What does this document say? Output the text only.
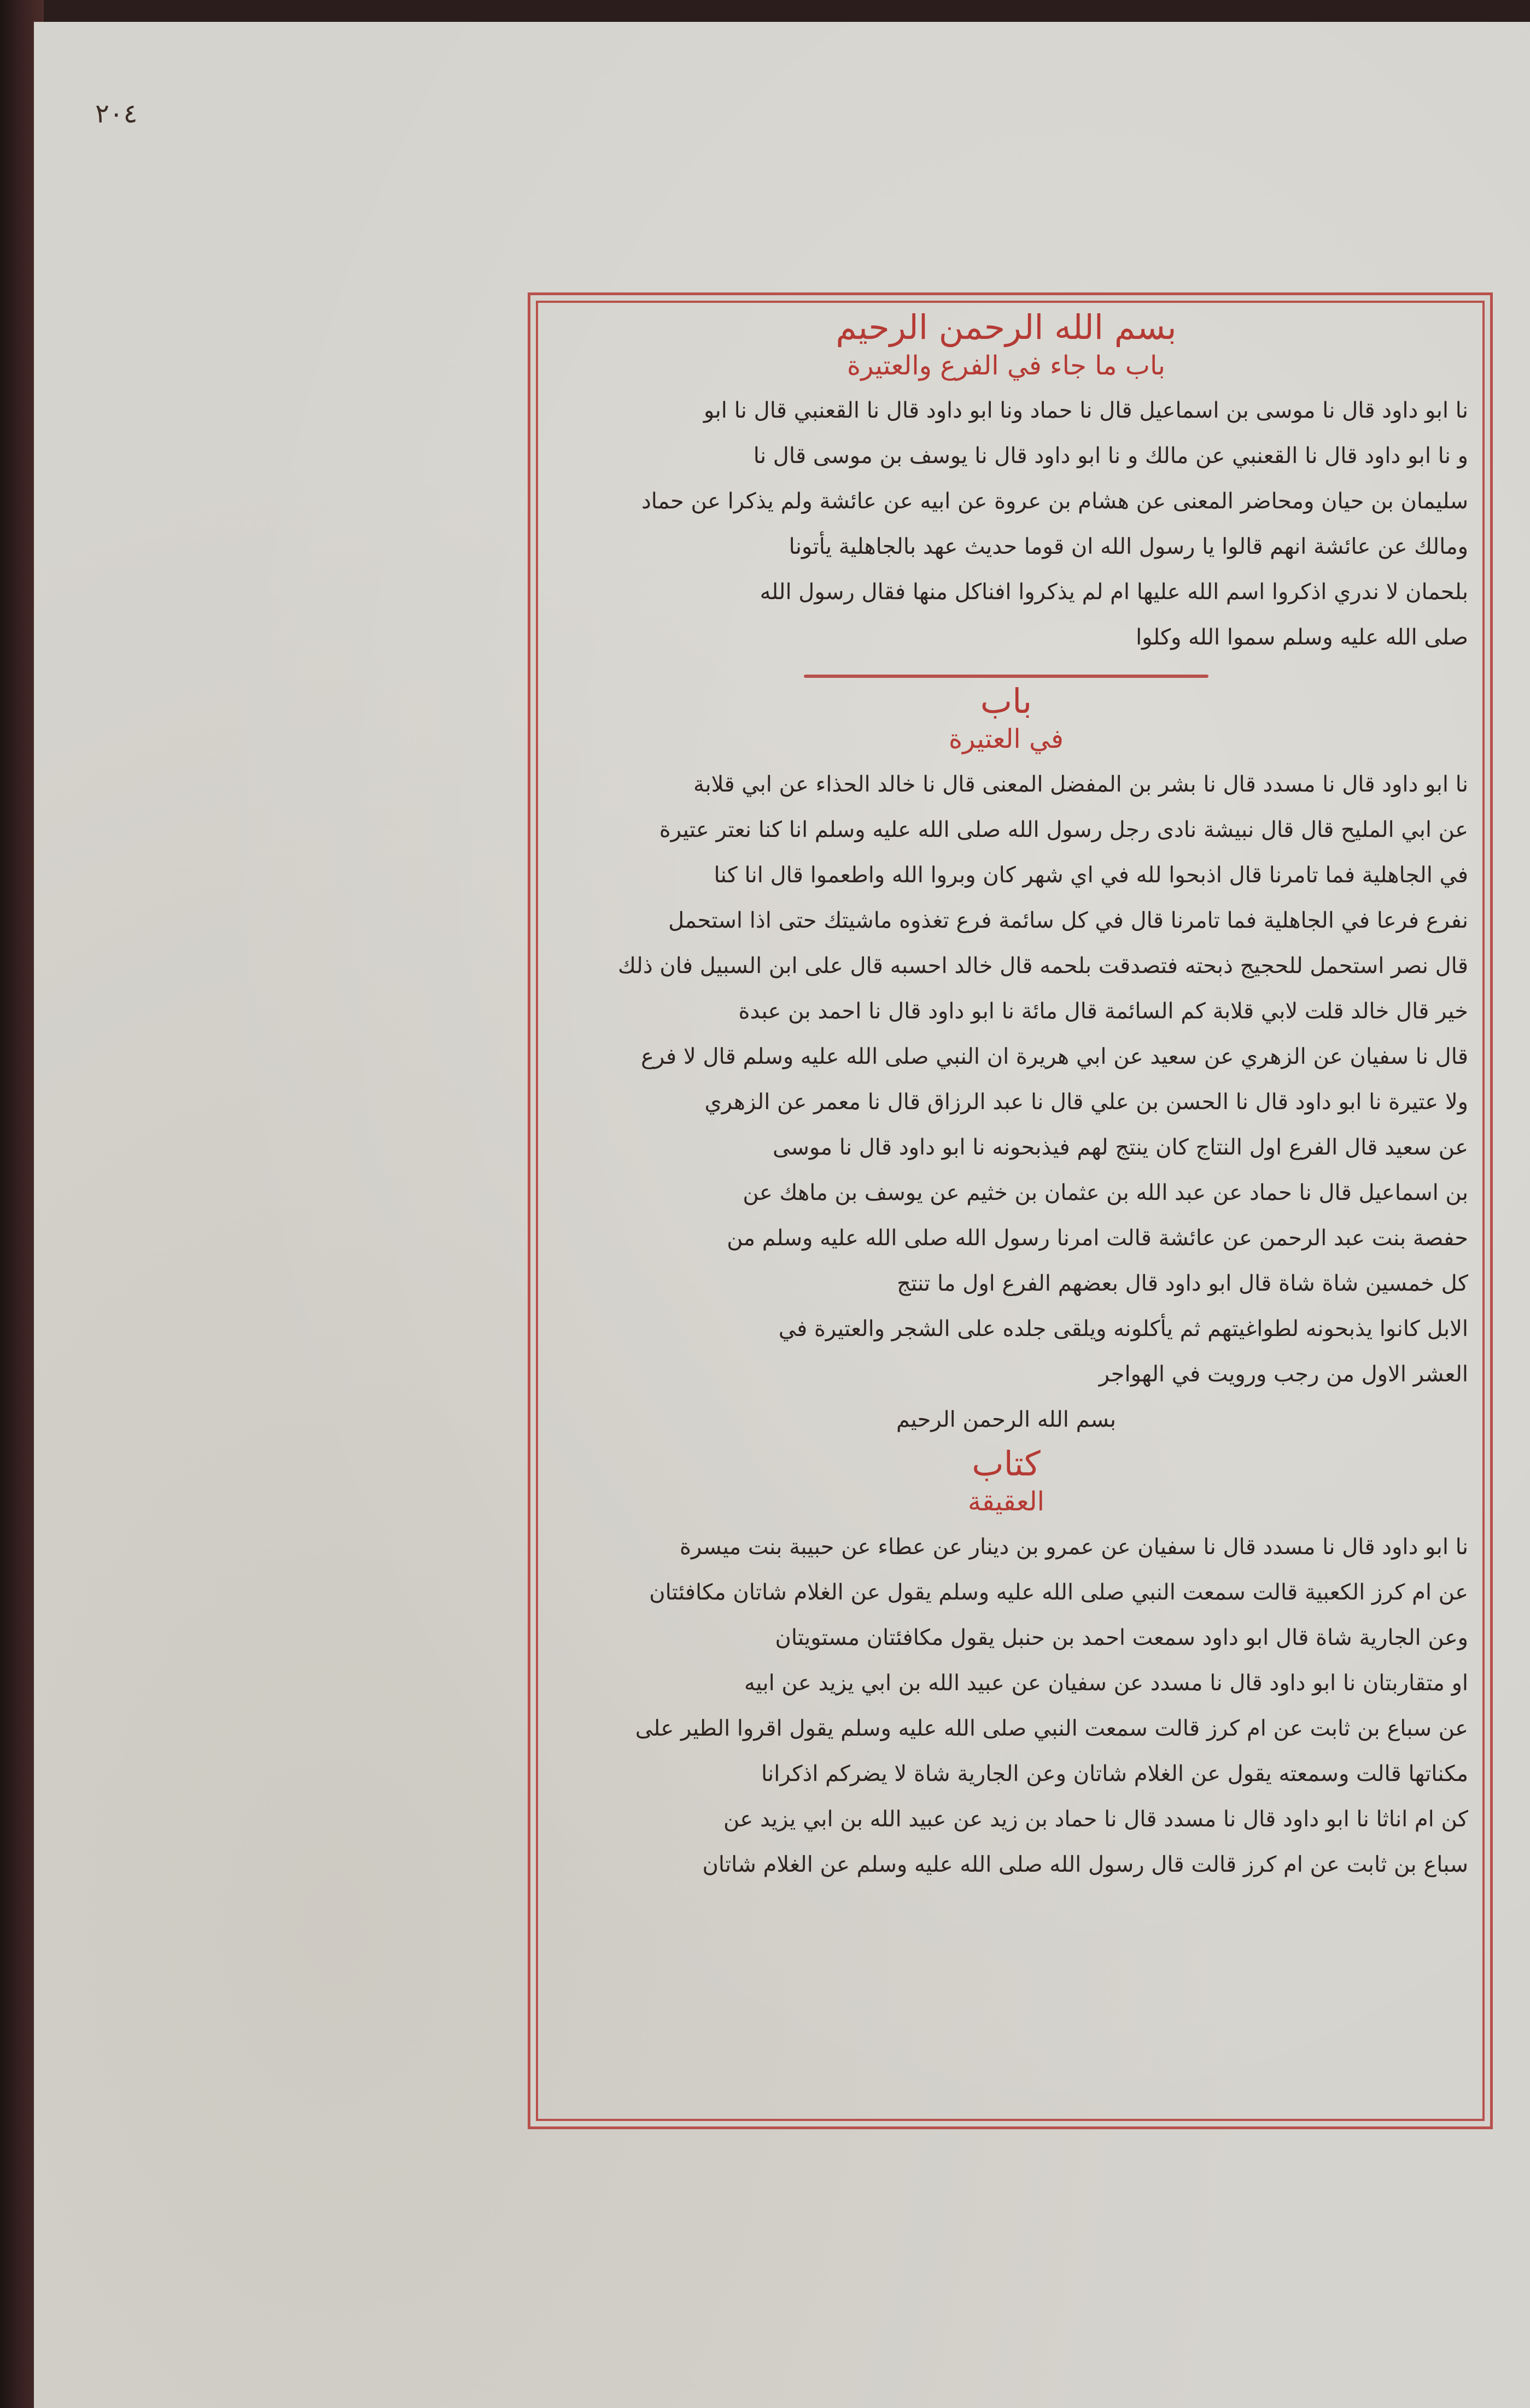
٢٠٤

بسم الله الرحمن الرحيم

باب ما جاء في الفرع والعتيرة

نا ابو داود قال نا موسى بن اسماعيل قال نا حماد ونا ابو داود قال نا القعنبي قال نا ابو

و نا ابو داود قال نا القعنبي عن مالك و نا ابو داود قال نا يوسف بن موسى قال نا

سليمان بن حيان ومحاضر المعنى عن هشام بن عروة عن ابيه عن عائشة ولم يذكرا عن حماد

ومالك عن عائشة انهم قالوا يا رسول الله ان قوما حديث عهد بالجاهلية يأتونا

بلحمان لا ندري اذكروا اسم الله عليها ام لم يذكروا افناكل منها فقال رسول الله

صلى الله عليه وسلم سموا الله وكلوا

باب

في العتيرة

نا ابو داود قال نا مسدد قال نا بشر بن المفضل المعنى قال نا خالد الحذاء عن ابي قلابة

عن ابي المليح قال قال نبيشة نادى رجل رسول الله صلى الله عليه وسلم انا كنا نعتر عتيرة

في الجاهلية فما تامرنا قال اذبحوا لله في اي شهر كان وبروا الله واطعموا قال انا كنا

نفرع فرعا في الجاهلية فما تامرنا قال في كل سائمة فرع تغذوه ماشيتك حتى اذا استحمل

قال نصر استحمل للحجيج ذبحته فتصدقت بلحمه قال خالد احسبه قال على ابن السبيل فان ذلك

خير قال خالد قلت لابي قلابة كم السائمة قال مائة نا ابو داود قال نا احمد بن عبدة

قال نا سفيان عن الزهري عن سعيد عن ابي هريرة ان النبي صلى الله عليه وسلم قال لا فرع

ولا عتيرة نا ابو داود قال نا الحسن بن علي قال نا عبد الرزاق قال نا معمر عن الزهري

عن سعيد قال الفرع اول النتاج كان ينتج لهم فيذبحونه نا ابو داود قال نا موسى

بن اسماعيل قال نا حماد عن عبد الله بن عثمان بن خثيم عن يوسف بن ماهك عن

حفصة بنت عبد الرحمن عن عائشة قالت امرنا رسول الله صلى الله عليه وسلم من

كل خمسين شاة شاة قال ابو داود قال بعضهم الفرع اول ما تنتج

الابل كانوا يذبحونه لطواغيتهم ثم يأكلونه ويلقى جلده على الشجر والعتيرة في

العشر الاول من رجب ورويت في الهواجر

بسم الله الرحمن الرحيم

كتاب

العقيقة

نا ابو داود قال نا مسدد قال نا سفيان عن عمرو بن دينار عن عطاء عن حبيبة بنت ميسرة

عن ام كرز الكعبية قالت سمعت النبي صلى الله عليه وسلم يقول عن الغلام شاتان مكافئتان

وعن الجارية شاة قال ابو داود سمعت احمد بن حنبل يقول مكافئتان مستويتان

او متقاربتان نا ابو داود قال نا مسدد عن سفيان عن عبيد الله بن ابي يزيد عن ابيه

عن سباع بن ثابت عن ام كرز قالت سمعت النبي صلى الله عليه وسلم يقول اقروا الطير على

مكناتها قالت وسمعته يقول عن الغلام شاتان وعن الجارية شاة لا يضركم اذكرانا

كن ام اناثا نا ابو داود قال نا مسدد قال نا حماد بن زيد عن عبيد الله بن ابي يزيد عن

سباع بن ثابت عن ام كرز قالت قال رسول الله صلى الله عليه وسلم عن الغلام شاتان
